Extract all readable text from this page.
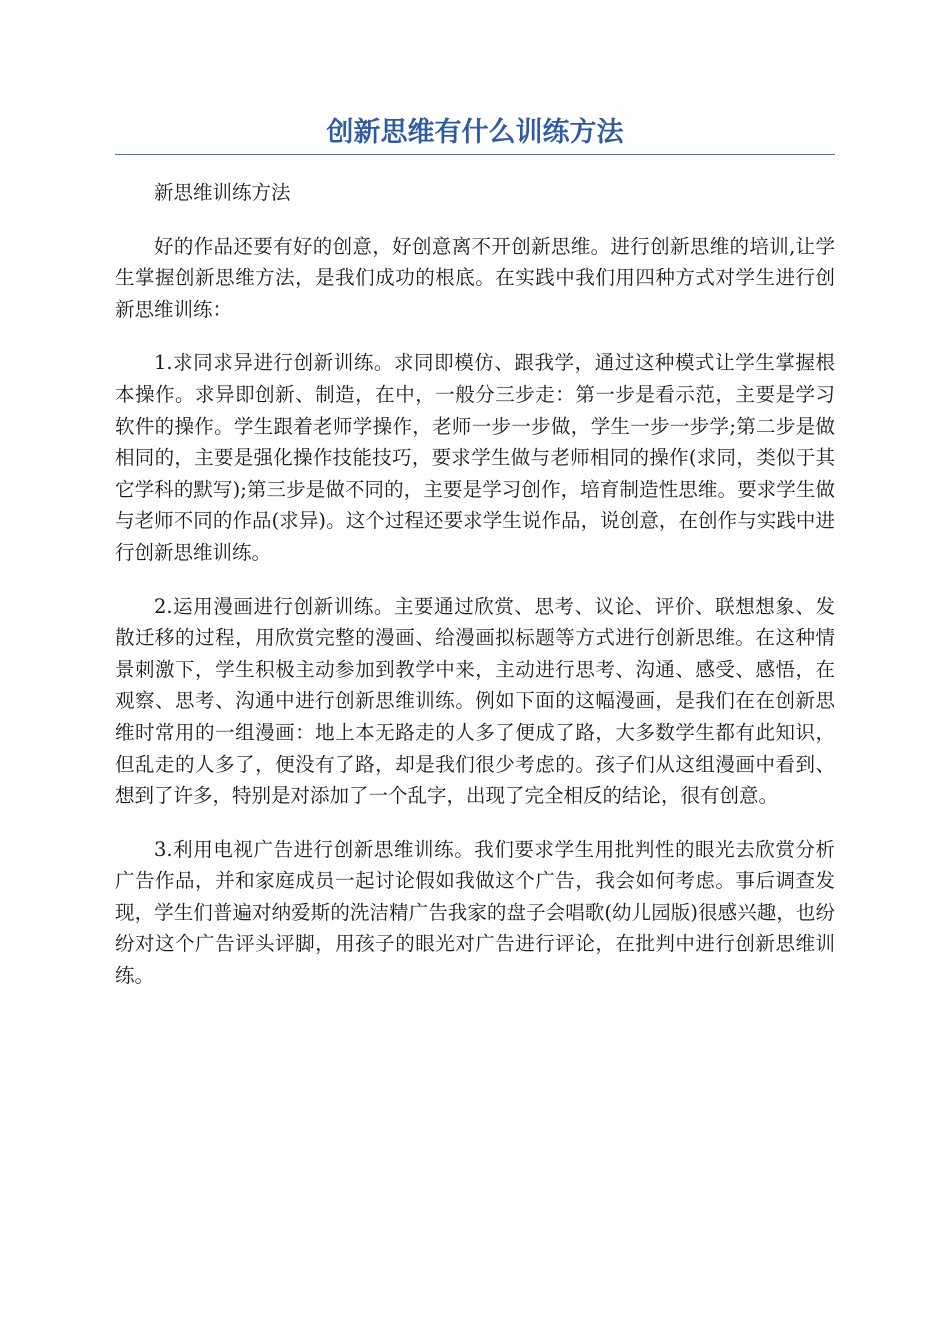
创新思维有什么训练方法

新思维训练方法

好的作品还要有好的创意，好创意离不开创新思维。进行创新思维的培训,让学生掌握创新思维方法，是我们成功的根底。在实践中我们用四种方式对学生进行创新思维训练：

1.求同求异进行创新训练。求同即模仿、跟我学，通过这种模式让学生掌握根本操作。求异即创新、制造，在中，一般分三步走：第一步是看示范，主要是学习软件的操作。学生跟着老师学操作，老师一步一步做，学生一步一步学;第二步是做相同的，主要是强化操作技能技巧，要求学生做与老师相同的操作(求同，类似于其它学科的默写);第三步是做不同的，主要是学习创作，培育制造性思维。要求学生做与老师不同的作品(求异)。这个过程还要求学生说作品，说创意，在创作与实践中进行创新思维训练。

2.运用漫画进行创新训练。主要通过欣赏、思考、议论、评价、联想想象、发散迁移的过程，用欣赏完整的漫画、给漫画拟标题等方式进行创新思维。在这种情景刺激下，学生积极主动参加到教学中来，主动进行思考、沟通、感受、感悟，在观察、思考、沟通中进行创新思维训练。例如下面的这幅漫画，是我们在在创新思维时常用的一组漫画：地上本无路走的人多了便成了路，大多数学生都有此知识，但乱走的人多了，便没有了路，却是我们很少考虑的。孩子们从这组漫画中看到、想到了许多，特别是对添加了一个乱字，出现了完全相反的结论，很有创意。

3.利用电视广告进行创新思维训练。我们要求学生用批判性的眼光去欣赏分析广告作品，并和家庭成员一起讨论假如我做这个广告，我会如何考虑。事后调查发现，学生们普遍对纳爱斯的洗洁精广告我家的盘子会唱歌(幼儿园版)很感兴趣，也纷纷对这个广告评头评脚，用孩子的眼光对广告进行评论，在批判中进行创新思维训练。
